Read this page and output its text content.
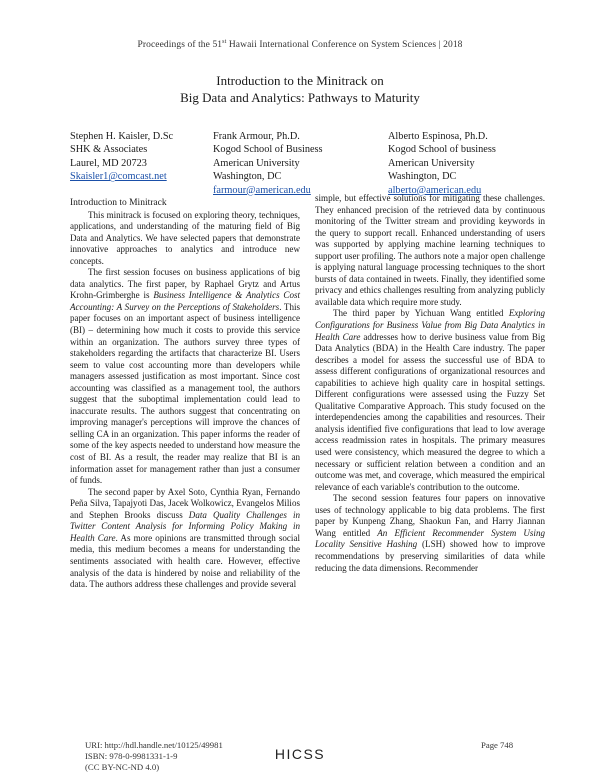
Proceedings of the 51st Hawaii International Conference on System Sciences | 2018
Introduction to the Minitrack on
Big Data and Analytics: Pathways to Maturity
Stephen H. Kaisler, D.Sc
SHK & Associates
Laurel, MD 20723
Skaisler1@comcast.net
Frank Armour, Ph.D.
Kogod School of Business
American University
Washington, DC
farmour@american.edu
Alberto Espinosa, Ph.D.
Kogod School of business
American University
Washington, DC
alberto@american.edu

Introduction to Minitrack

This minitrack is focused on exploring theory, techniques, applications, and understanding of the maturing field of Big Data and Analytics. We have selected papers that demonstrate innovative approaches to analytics and introduce new concepts.

The first session focuses on business applications of big data analytics. The first paper, by Raphael Grytz and Artus Krohn-Grimberghe is Business Intelligence & Analytics Cost Accounting: A Survey on the Perceptions of Stakeholders. This paper focuses on an important aspect of business intelligence (BI) – determining how much it costs to provide this service within an organization. The authors survey three types of stakeholders regarding the artifacts that characterize BI. Users seem to value cost accounting more than developers while managers assessed justification as most important. Since cost accounting was classified as a management tool, the authors suggest that the suboptimal implementation could lead to inaccurate results. The authors suggest that concentrating on improving manager's perceptions will improve the chances of selling CA in an organization. This paper informs the reader of some of the key aspects needed to understand how measure the cost of BI. As a result, the reader may realize that BI is an information asset for management rather than just a consumer of funds.

The second paper by Axel Soto, Cynthia Ryan, Fernando Peña Silva, Tapajyoti Das, Jacek Wolkowicz, Evangelos Milios and Stephen Brooks discuss Data Quality Challenges in Twitter Content Analysis for Informing Policy Making in Health Care. As more opinions are transmitted through social media, this medium becomes a means for understanding the sentiments associated with health care. However, effective analysis of the data is hindered by noise and reliability of the data. The authors address these challenges and provide several

simple, but effective solutions for mitigating these challenges. They enhanced precision of the retrieved data by continuous monitoring of the Twitter stream and providing keywords in the query to support recall. Enhanced understanding of users was supported by applying machine learning techniques to support user profiling. The authors note a major open challenge is applying natural language processing techniques to the short bursts of data contained in tweets. Finally, they identified some privacy and ethics challenges resulting from analyzing publicly available data which require more study.

The third paper by Yichuan Wang entitled Exploring Configurations for Business Value from Big Data Analytics in Health Care addresses how to derive business value from Big Data Analytics (BDA) in the Health Care industry. The paper describes a model for assess the successful use of BDA to assess different configurations of organizational resources and capabilities to achieve high quality care in hospital settings. Different configurations were assessed using the Fuzzy Set Qualitative Comparative Approach. This study focused on the interdependencies among the capabilities and resources. Their analysis identified five configurations that lead to low average access readmission rates in hospitals. The primary measures used were consistency, which measured the degree to which a necessary or sufficient relation between a condition and an outcome was met, and coverage, which measured the empirical relevance of each variable's contribution to the outcome.

The second session features four papers on innovative uses of technology applicable to big data problems. The first paper by Kunpeng Zhang, Shaokun Fan, and Harry Jiannan Wang entitled An Efficient Recommender System Using Locality Sensitive Hashing (LSH) showed how to improve recommendations by preserving similarities of data while reducing the data dimensions. Recommender

URI: http://hdl.handle.net/10125/49981
ISBN: 978-0-9981331-1-9
(CC BY-NC-ND 4.0)
HICSS
Page 748
